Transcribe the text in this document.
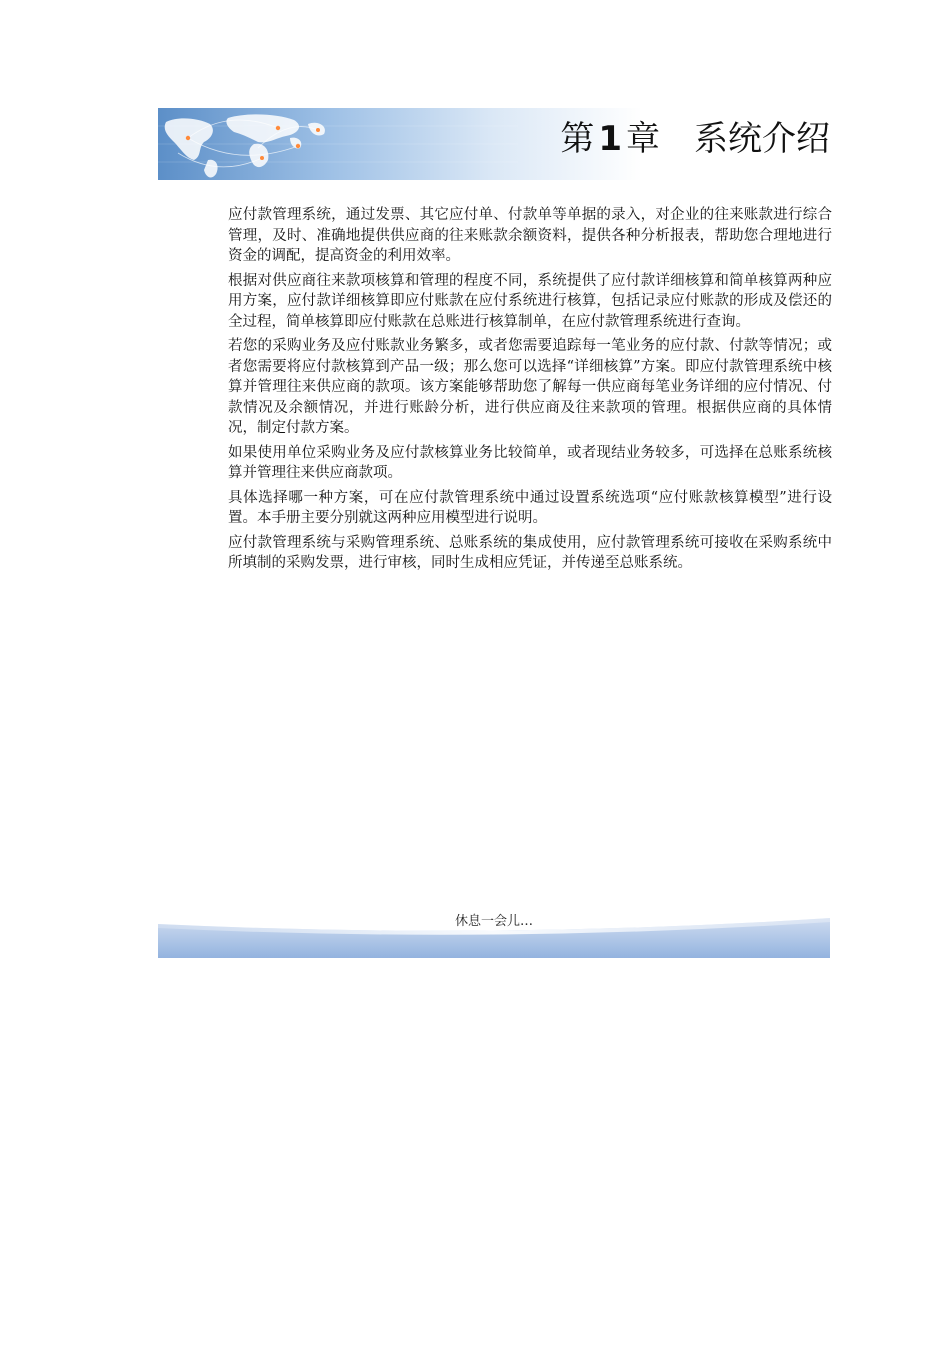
第 1 章 系统介绍

应付款管理系统，通过发票、其它应付单、付款单等单据的录入，对企业的往来账款进行综合管理，及时、准确地提供供应商的往来账款余额资料，提供各种分析报表，帮助您合理地进行资金的调配，提高资金的利用效率。

根据对供应商往来款项核算和管理的程度不同，系统提供了应付款详细核算和简单核算两种应用方案，应付款详细核算即应付账款在应付系统进行核算，包括记录应付账款的形成及偿还的全过程，简单核算即应付账款在总账进行核算制单，在应付款管理系统进行查询。

若您的采购业务及应付账款业务繁多，或者您需要追踪每一笔业务的应付款、付款等情况；或者您需要将应付款核算到产品一级；那么您可以选择“详细核算”方案。即应付款管理系统中核算并管理往来供应商的款项。该方案能够帮助您了解每一供应商每笔业务详细的应付情况、付款情况及余额情况，并进行账龄分析，进行供应商及往来款项的管理。根据供应商的具体情况，制定付款方案。

如果使用单位采购业务及应付款核算业务比较简单，或者现结业务较多，可选择在总账系统核算并管理往来供应商款项。

具体选择哪一种方案，可在应付款管理系统中通过设置系统选项“应付账款核算模型”进行设置。本手册主要分别就这两种应用模型进行说明。

应付款管理系统与采购管理系统、总账系统的集成使用，应付款管理系统可接收在采购系统中所填制的采购发票，进行审核，同时生成相应凭证，并传递至总账系统。

休息一会儿…
